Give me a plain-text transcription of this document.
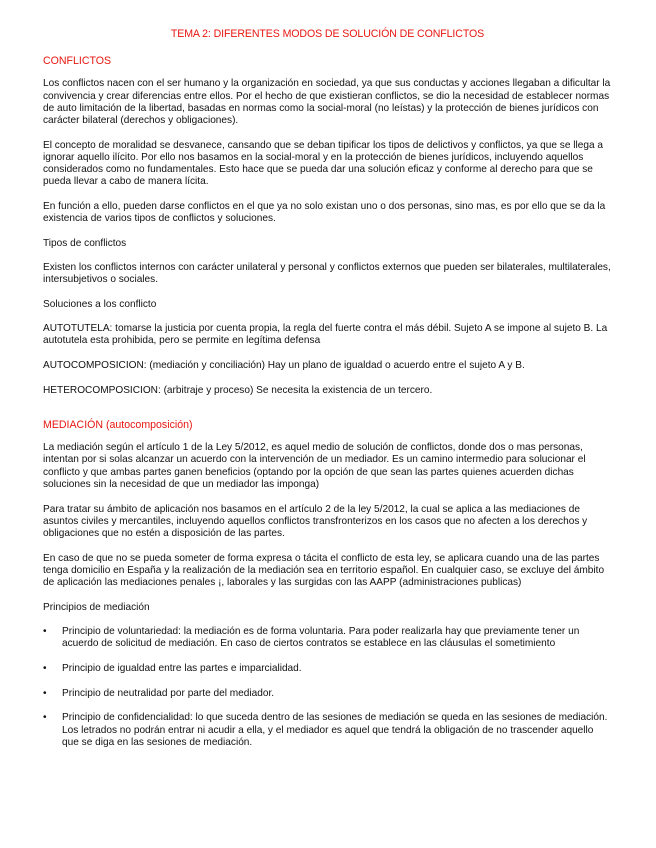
TEMA 2: DIFERENTES MODOS DE SOLUCIÓN DE CONFLICTOS
CONFLICTOS

Los conflictos nacen con el ser humano y la organización en sociedad, ya que sus conductas y acciones llegaban a dificultar la convivencia y crear diferencias entre ellos. Por el hecho de que existieran conflictos, se dio la necesidad de establecer normas de auto limitación de la libertad, basadas en normas como la social-moral (no leístas) y la protección de bienes jurídicos con carácter bilateral (derechos y obligaciones).

El concepto de moralidad se desvanece, cansando que se deban tipificar los tipos de delictivos y conflictos, ya que se llega a ignorar aquello ilícito. Por ello nos basamos en la social-moral y en la protección de bienes jurídicos, incluyendo aquellos considerados como no fundamentales. Esto hace que se pueda dar una solución eficaz y conforme al derecho para que se pueda llevar a cabo de manera lícita.

En función a ello, pueden darse conflictos en el que ya no solo existan uno o dos personas, sino mas, es por ello que se da la existencia de varios tipos de conflictos y soluciones.

Tipos de conflictos

Existen los conflictos internos con carácter unilateral y personal y conflictos externos que pueden ser bilaterales, multilaterales, intersubjetivos o sociales.

Soluciones a los conflicto

AUTOTUTELA: tomarse la justicia por cuenta propia, la regla del fuerte contra el más débil. Sujeto A se impone al sujeto B. La autotutela esta prohibida, pero se permite en legítima defensa

AUTOCOMPOSICION: (mediación y conciliación) Hay un plano de igualdad o acuerdo entre el sujeto A y B.

HETEROCOMPOSICION: (arbitraje y proceso) Se necesita la existencia de un tercero.

MEDIACIÓN (autocomposición)

La mediación según el artículo 1 de la Ley 5/2012, es aquel medio de solución de conflictos, donde dos o mas personas, intentan por si solas alcanzar un acuerdo con la intervención de un mediador. Es un camino intermedio para solucionar el conflicto y que ambas partes ganen beneficios (optando por la opción de que sean las partes quienes acuerden dichas soluciones sin la necesidad de que un mediador las imponga)

Para tratar su ámbito de aplicación nos basamos en el artículo 2 de la ley 5/2012, la cual se aplica a las mediaciones de asuntos civiles y mercantiles, incluyendo aquellos conflictos transfronterizos en los casos que no afecten a los derechos y obligaciones que no estén a disposición de las partes.

En caso de que no se pueda someter de forma expresa o tácita el conflicto de esta ley, se aplicara cuando una de las partes tenga domicilio en España y la realización de la mediación sea en territorio español. En cualquier caso, se excluye del ámbito de aplicación las mediaciones penales ¡, laborales y las surgidas con las AAPP (administraciones publicas)

Principios de mediación

•	Principio de voluntariedad: la mediación es de forma voluntaria. Para poder realizarla hay que previamente tener un acuerdo de solicitud de mediación. En caso de ciertos contratos se establece en las cláusulas el sometimiento
•	Principio de igualdad entre las partes e imparcialidad.
•	Principio de neutralidad por parte del mediador.
•	Principio de confidencialidad: lo que suceda dentro de las sesiones de mediación se queda en las sesiones de mediación. Los letrados no podrán entrar ni acudir a ella, y el mediador es aquel que tendrá la obligación de no trascender aquello que se diga en las sesiones de mediación.
